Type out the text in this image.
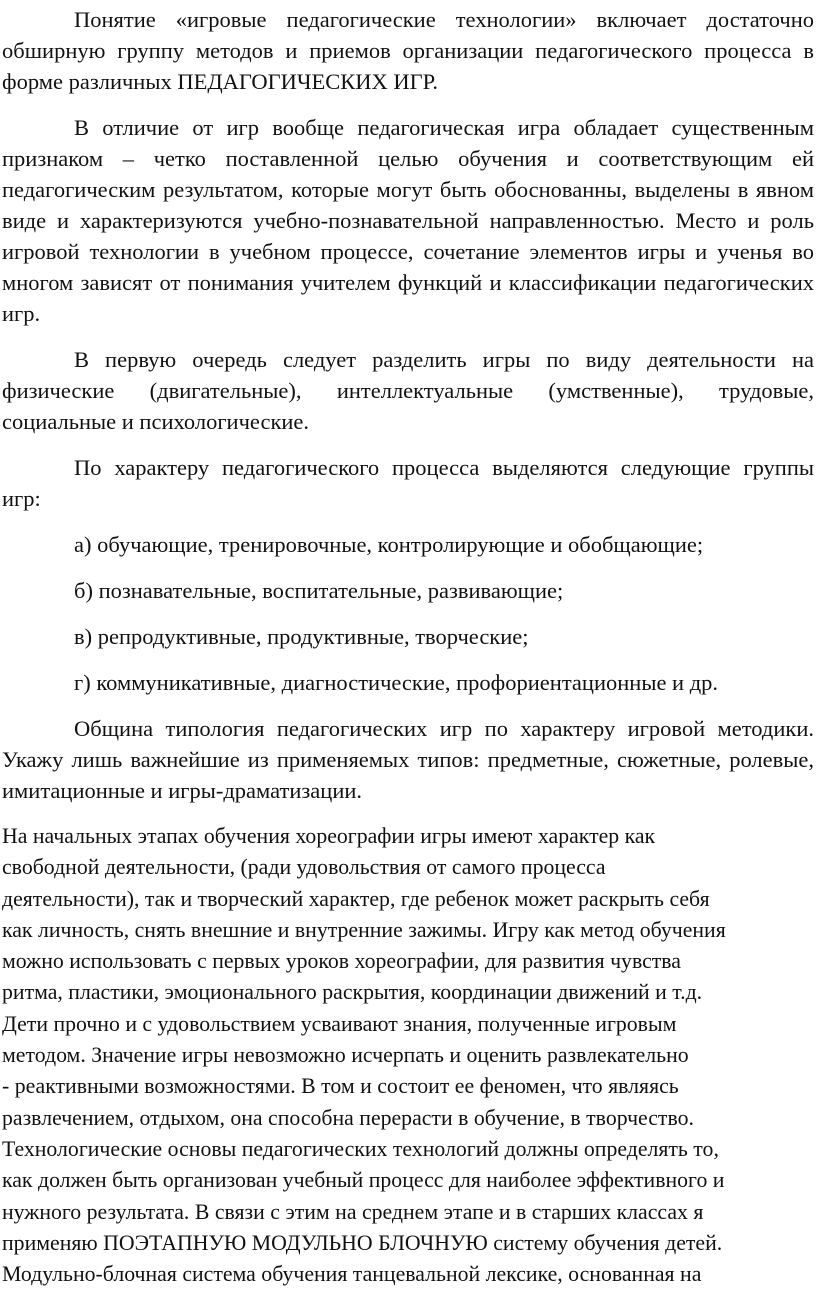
Понятие «игровые педагогические технологии» включает достаточно обширную группу методов и приемов организации педагогического процесса в форме различных ПЕДАГОГИЧЕСКИХ ИГР.

В отличие от игр вообще педагогическая игра обладает существенным признаком – четко поставленной целью обучения и соответствующим ей педагогическим результатом, которые могут быть обоснованны, выделены в явном виде и характеризуются учебно-познавательной направленностью. Место и роль игровой технологии в учебном процессе, сочетание элементов игры и ученья во многом зависят от понимания учителем функций и классификации педагогических игр.

В первую очередь следует разделить игры по виду деятельности на физические (двигательные), интеллектуальные (умственные), трудовые, социальные и психологические.

По характеру педагогического процесса выделяются следующие группы игр:

а) обучающие, тренировочные, контролирующие и обобщающие;

б) познавательные, воспитательные, развивающие;

в) репродуктивные, продуктивные, творческие;

г) коммуникативные, диагностические, профориентационные и др.

Община типология педагогических игр по характеру игровой методики. Укажу лишь важнейшие из применяемых типов: предметные, сюжетные, ролевые, имитационные и игры-драматизации.

На начальных этапах обучения хореографии игры имеют характер как
свободной деятельности, (ради удовольствия от самого процесса
деятельности), так и творческий характер, где ребенок может раскрыть себя
как личность, снять внешние и внутренние зажимы. Игру как метод обучения
можно использовать с первых уроков хореографии, для развития чувства
ритма, пластики, эмоционального раскрытия, координации движений и т.д.
Дети прочно и с удовольствием усваивают знания, полученные игровым
методом. Значение игры невозможно исчерпать и оценить развлекательно
- реактивными возможностями. В том и состоит ее феномен, что являясь
развлечением, отдыхом, она способна перерасти в обучение, в творчество.
Технологические основы педагогических технологий должны определять то,
как должен быть организован учебный процесс для наиболее эффективного и
нужного результата. В связи с этим на среднем этапе и в старших классах я
применяю ПОЭТАПНУЮ МОДУЛЬНО БЛОЧНУЮ систему обучения детей.
Модульно-блочная система обучения танцевальной лексике, основанная на
